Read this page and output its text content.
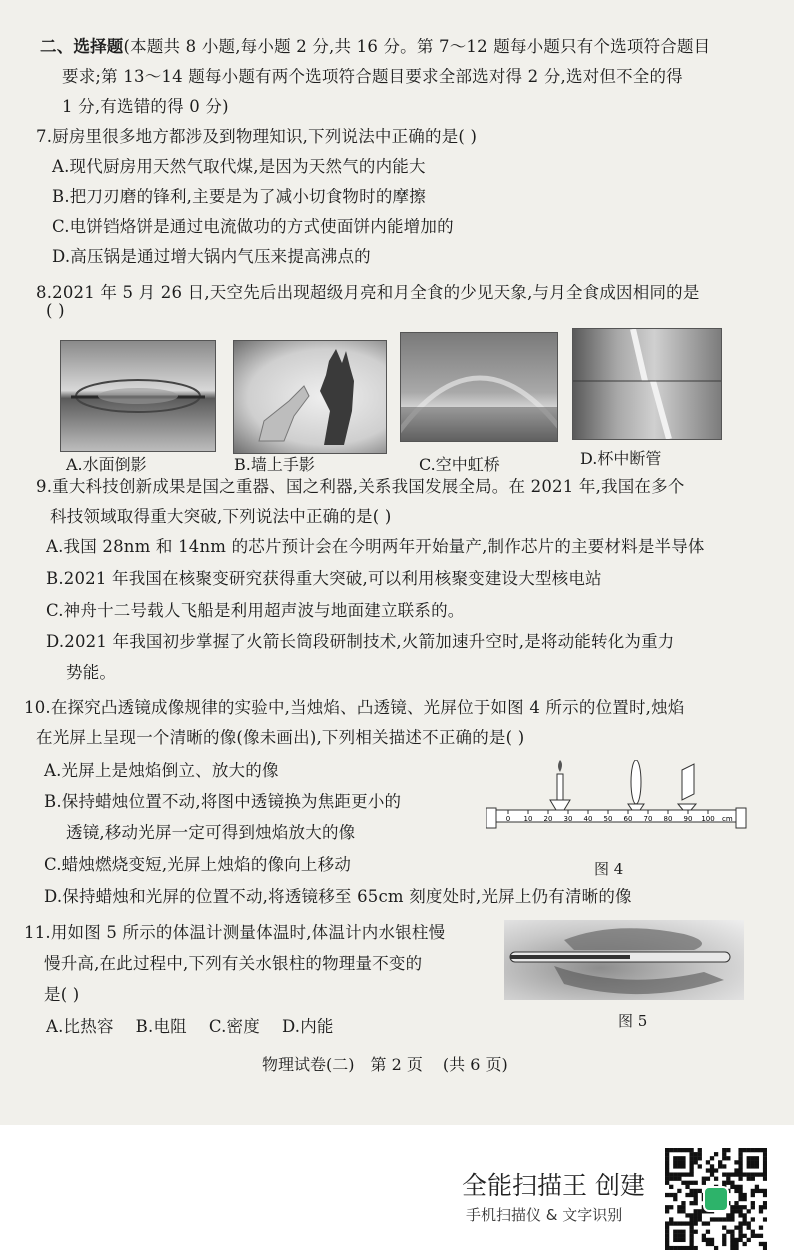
二、选择题(本题共 8 小题,每小题 2 分,共 16 分。第 7～12 题每小题只有个选项符合题目
要求;第 13～14 题每小题有两个选项符合题目要求全部选对得 2 分,选对但不全的得
1 分,有选错的得 0 分)
7.厨房里很多地方都涉及到物理知识,下列说法中正确的是( )
A.现代厨房用天然气取代煤,是因为天然气的内能大
B.把刀刃磨的锋利,主要是为了减小切食物时的摩擦
C.电饼铛烙饼是通过电流做功的方式使面饼内能增加的
D.高压锅是通过增大锅内气压来提高沸点的
8.2021 年 5 月 26 日,天空先后出现超级月亮和月全食的少见天象,与月全食成因相同的是
( )
A.水面倒影	B.墙上手影	C.空中虹桥	D.杯中断管
9.重大科技创新成果是国之重器、国之利器,关系我国发展全局。在 2021 年,我国在多个
科技领域取得重大突破,下列说法中正确的是( )
A.我国 28nm 和 14nm 的芯片预计会在今明两年开始量产,制作芯片的主要材料是半导体
B.2021 年我国在核聚变研究获得重大突破,可以利用核聚变建设大型核电站
C.神舟十二号载人飞船是利用超声波与地面建立联系的。
D.2021 年我国初步掌握了火箭长筒段研制技术,火箭加速升空时,是将动能转化为重力
势能。
10.在探究凸透镜成像规律的实验中,当烛焰、凸透镜、光屏位于如图 4 所示的位置时,烛焰
在光屏上呈现一个清晰的像(像未画出),下列相关描述不正确的是( )
A.光屏上是烛焰倒立、放大的像
B.保持蜡烛位置不动,将图中透镜换为焦距更小的
透镜,移动光屏一定可得到烛焰放大的像
C.蜡烛燃烧变短,光屏上烛焰的像向上移动
D.保持蜡烛和光屏的位置不动,将透镜移至 65cm 刻度处时,光屏上仍有清晰的像
0 10 20 30 40 50 60 70 80 90 100 cm
图 4
11.用如图 5 所示的体温计测量体温时,体温计内水银柱慢
慢升高,在此过程中,下列有关水银柱的物理量不变的
是( )
A.比热容 B.电阻 C.密度 D.内能	图 5
物理试卷(二) 第 2 页 (共 6 页)
全能扫描王 创建
手机扫描仪 & 文字识别
